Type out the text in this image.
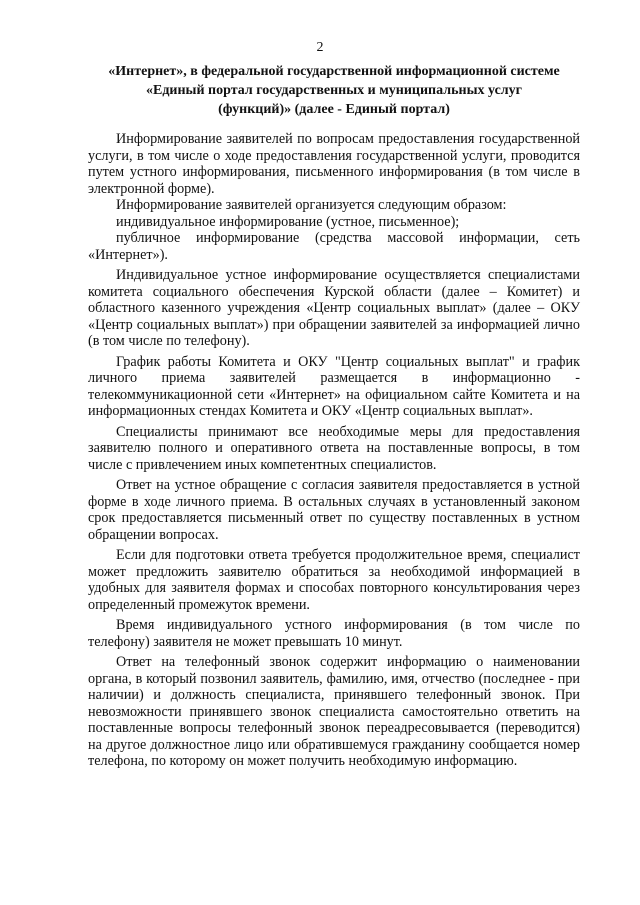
2
«Интернет», в федеральной государственной информационной системе
«Единый портал государственных и муниципальных услуг
(функций)» (далее - Единый портал)

Информирование заявителей по вопросам предоставления государственной услуги, в том числе о ходе предоставления государственной услуги, проводится путем устного информирования, письменного информирования (в том числе в электронной форме).

Информирование заявителей организуется следующим образом:

индивидуальное информирование (устное, письменное);

публичное информирование (средства массовой информации, сеть «Интернет»).

Индивидуальное устное информирование осуществляется специалистами комитета социального обеспечения Курской области (далее – Комитет) и областного казенного учреждения «Центр социальных выплат» (далее – ОКУ «Центр социальных выплат») при обращении заявителей за информацией лично (в том числе по телефону).

График работы Комитета и ОКУ "Центр социальных выплат" и график личного приема заявителей размещается в информационно - телекоммуникационной сети «Интернет» на официальном сайте Комитета и на информационных стендах Комитета и ОКУ «Центр социальных выплат».

Специалисты принимают все необходимые меры для предоставления заявителю полного и оперативного ответа на поставленные вопросы, в том числе с привлечением иных компетентных специалистов.

Ответ на устное обращение с согласия заявителя предоставляется в устной форме в ходе личного приема. В остальных случаях в установленный законом срок предоставляется письменный ответ по существу поставленных в устном обращении вопросах.

Если для подготовки ответа требуется продолжительное время, специалист может предложить заявителю обратиться за необходимой информацией в удобных для заявителя формах и способах повторного консультирования через определенный промежуток времени.

Время индивидуального устного информирования (в том числе по телефону) заявителя не может превышать 10 минут.

Ответ на телефонный звонок содержит информацию о наименовании органа, в который позвонил заявитель, фамилию, имя, отчество (последнее - при наличии) и должность специалиста, принявшего телефонный звонок. При невозможности принявшего звонок специалиста самостоятельно ответить на поставленные вопросы телефонный звонок переадресовывается (переводится) на другое должностное лицо или обратившемуся гражданину сообщается номер телефона, по которому он может получить необходимую информацию.
